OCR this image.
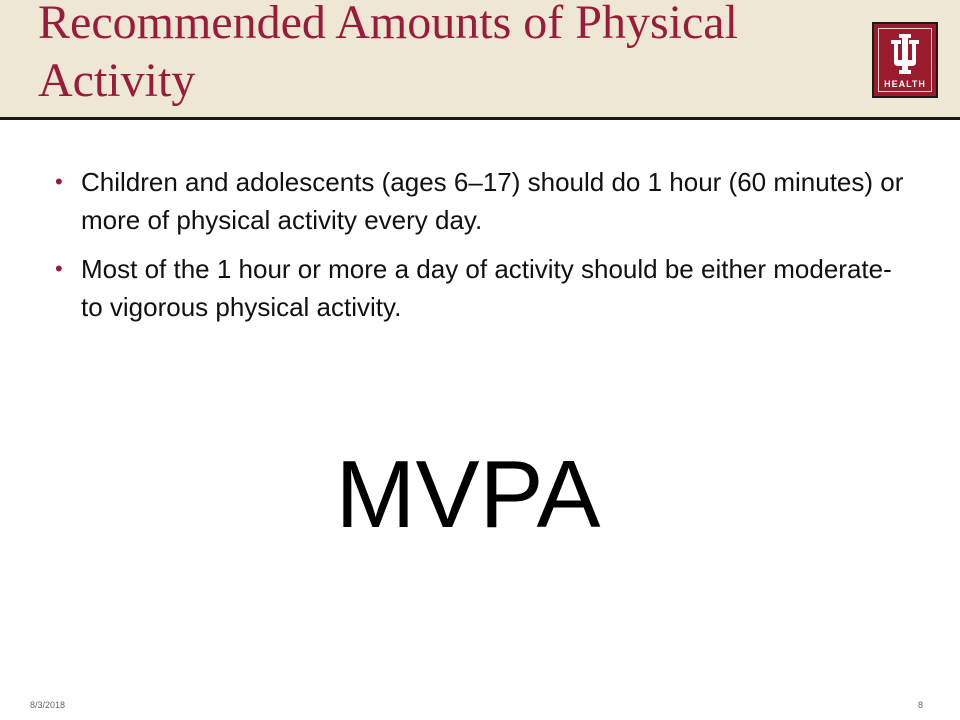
Recommended Amounts of Physical Activity	HEALTH
• Children and adolescents (ages 6–17) should do 1 hour (60 minutes) or more of physical activity every day.
• Most of the 1 hour or more a day of activity should be either moderate-to vigorous physical activity.
MVPA
8/3/2018	8
